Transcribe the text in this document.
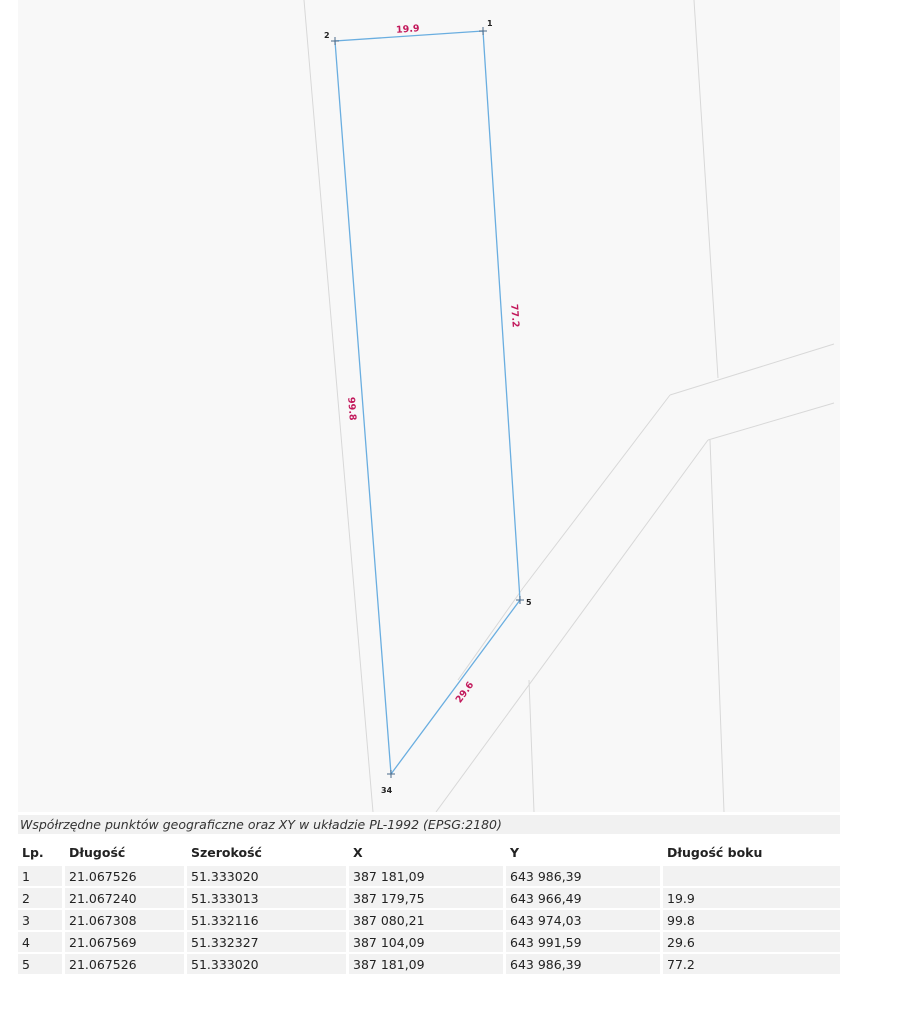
1
2
34
5
19.9
99.8
29.6
77.2
Współrzędne punktów geograficzne oraz XY w układzie PL-1992 (EPSG:2180)
Lp.	Długość	Szerokość	X	Y	Długość boku
1	21.067526	51.333020	387 181,09	643 986,39	
2	21.067240	51.333013	387 179,75	643 966,49	19.9
3	21.067308	51.332116	387 080,21	643 974,03	99.8
4	21.067569	51.332327	387 104,09	643 991,59	29.6
5	21.067526	51.333020	387 181,09	643 986,39	77.2
